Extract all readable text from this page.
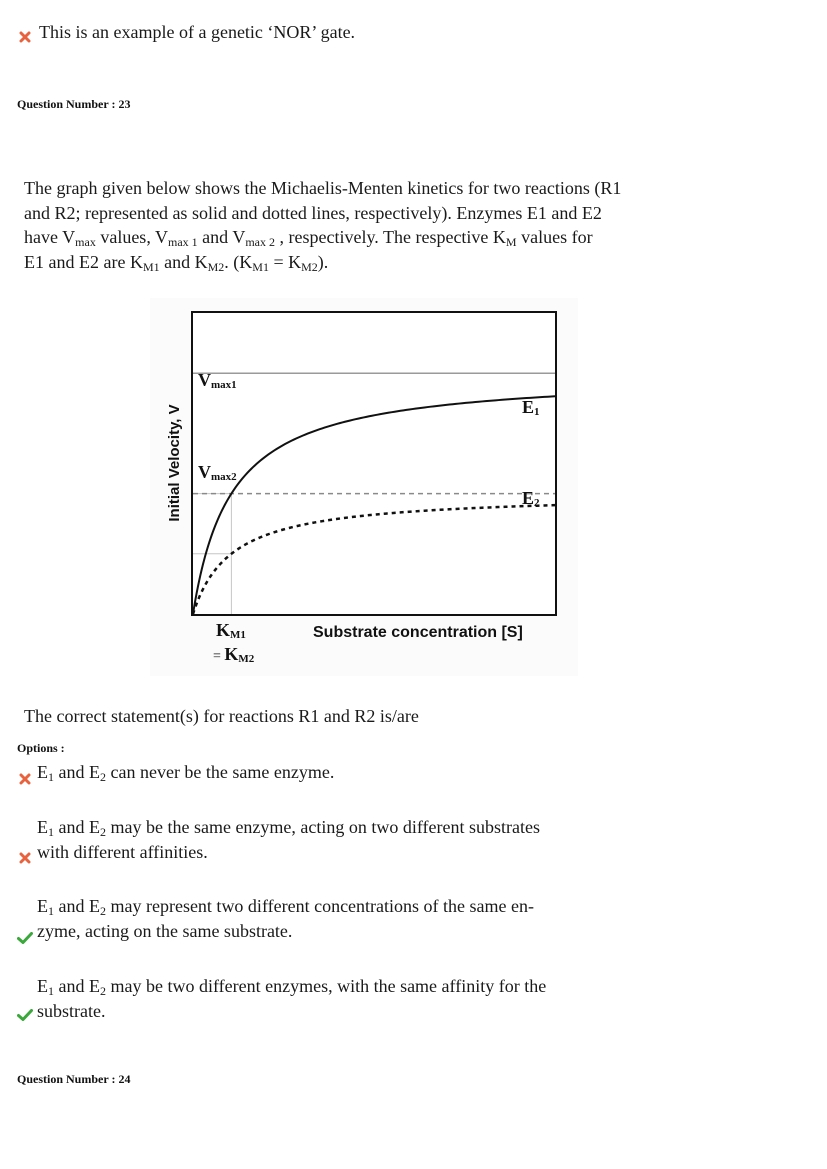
This is an example of a genetic ‘NOR’ gate.
Question Number : 23

The graph given below shows the Michaelis-Menten kinetics for two reactions (R1

and R2; represented as solid and dotted lines, respectively). Enzymes E1 and E2

have $V_{max}$ values, $V_{max 1}$ and $V_{max 2}$ , respectively. The respective $K_M$ values for

E1 and E2 are $K_{M1}$ and $K_{M2}$. $(K_{M1} = K_{M2})$.

Initial Velocity, V
Substrate concentration [S]
Vmax1
Vmax2
E1
E2
KM1
= KM2
The correct statement(s) for reactions R1 and R2 is/are
Options :
$E_1$ and $E_2$ can never be the same enzyme.
$E_1$ and $E_2$ may be the same enzyme, acting on two different substrates
with different affinities.
$E_1$ and $E_2$ may represent two different concentrations of the same en-
zyme, acting on the same substrate.
$E_1$ and $E_2$ may be two different enzymes, with the same affinity for the
substrate.
Question Number : 24
